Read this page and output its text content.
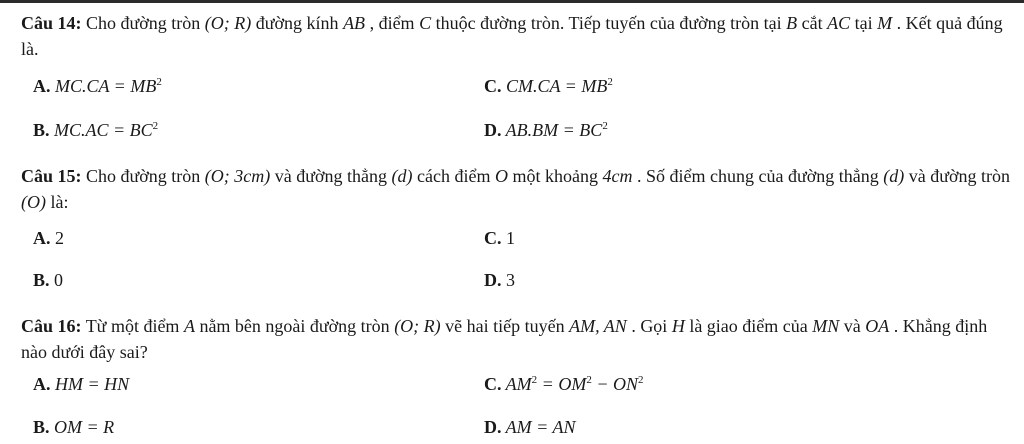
Câu 14: Cho đường tròn (O; R) đường kính AB , điểm C thuộc đường tròn. Tiếp tuyến của đường tròn tại B cắt AC tại M . Kết quả đúng là.
A. $MC.CA = MB^2$	C. $CM.CA = MB^2$
B. $MC.AC = BC^2$	D. $AB.BM = BC^2$
Câu 15: Cho đường tròn (O; 3cm) và đường thẳng (d) cách điểm O một khoảng 4cm . Số điểm chung của đường thẳng (d) và đường tròn (O) là:
A. 2	C. 1
B. 0	D. 3
Câu 16: Từ một điểm A nằm bên ngoài đường tròn (O; R) vẽ hai tiếp tuyến AM, AN . Gọi H là giao điểm của MN và OA . Khẳng định nào dưới đây sai?
A. HM = HN	C. $AM^2 = OM^2 - ON^2$
B. OM = R	D. AM = AN
